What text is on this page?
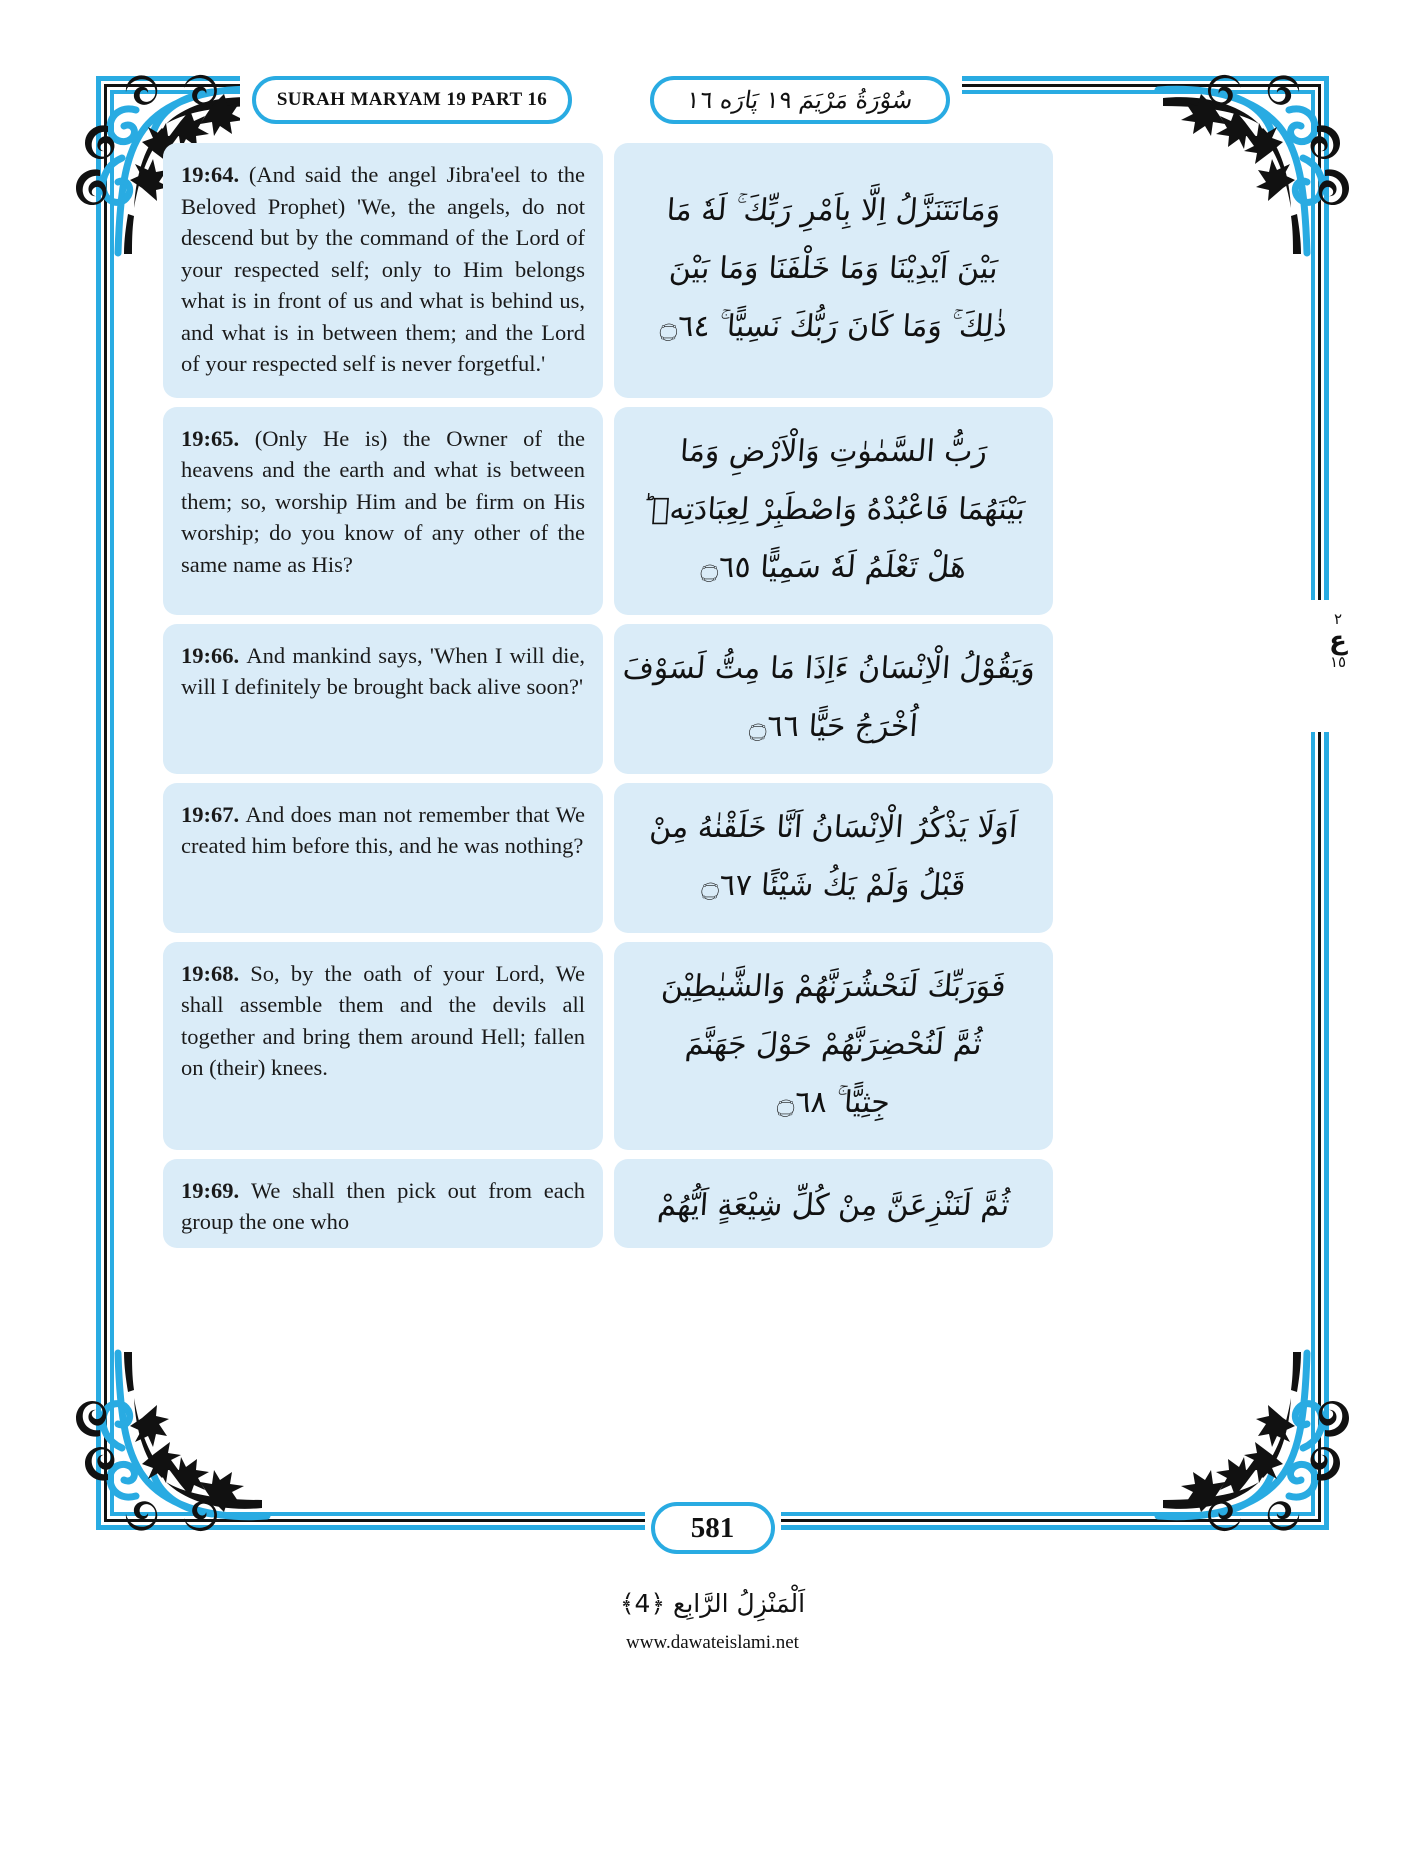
SURAH MARYAM 19 PART 16	سُوْرَةُ مَرْيَمَ ١٩ پَارَه ١٦
19:64. (And said the angel Jibra'eel to the Beloved Prophet) 'We, the angels, do not descend but by the command of the Lord of your respected self; only to Him belongs what is in front of us and what is behind us, and what is in between them; and the Lord of your respected self is never forgetful.'
وَمَانَتَنَزَّلُ اِلَّا بِاَمْرِ رَبِّكَ ۚ لَهٗ مَا
بَيْنَ اَيْدِيْنَا وَمَا خَلْفَنَا وَمَا بَيْنَ
ذٰلِكَ ۚ وَمَا كَانَ رَبُّكَ نَسِيًّا ۚ ۝٦٤
19:65. (Only He is) the Owner of the heavens and the earth and what is between them; so, worship Him and be firm on His worship; do you know of any other of the same name as His?
رَبُّ السَّمٰوٰتِ وَالْاَرْضِ وَمَا
بَيْنَهُمَا فَاعْبُدْهُ وَاصْطَبِرْ لِعِبَادَتِهٖ ؕ
هَلْ تَعْلَمُ لَهٗ سَمِيًّا ۝٦٥
19:66. And mankind says, 'When I will die, will I definitely be brought back alive soon?'
وَيَقُوْلُ الْاِنْسَانُ ءَاِذَا مَا مِتُّ لَسَوْفَ
اُخْرَجُ حَيًّا ۝٦٦
19:67. And does man not remember that We created him before this, and he was nothing?
اَوَلَا يَذْكُرُ الْاِنْسَانُ اَنَّا خَلَقْنٰهُ مِنْ
قَبْلُ وَلَمْ يَكُ شَيْئًا ۝٦٧
19:68. So, by the oath of your Lord, We shall assemble them and the devils all together and bring them around Hell; fallen on (their) knees.
فَوَرَبِّكَ لَنَحْشُرَنَّهُمْ وَالشَّيٰطِيْنَ
ثُمَّ لَنُحْضِرَنَّهُمْ حَوْلَ جَهَنَّمَ
جِثِيًّا ۚ ۝٦٨
19:69. We shall then pick out from each group the one who	ثُمَّ لَنَنْزِعَنَّ مِنْ كُلِّ شِيْعَةٍ اَيُّهُمْ
٢
ع
١٥
581
اَلْمَنْزِلُ الرَّابِع ﴿4﴾
www.dawateislami.net
